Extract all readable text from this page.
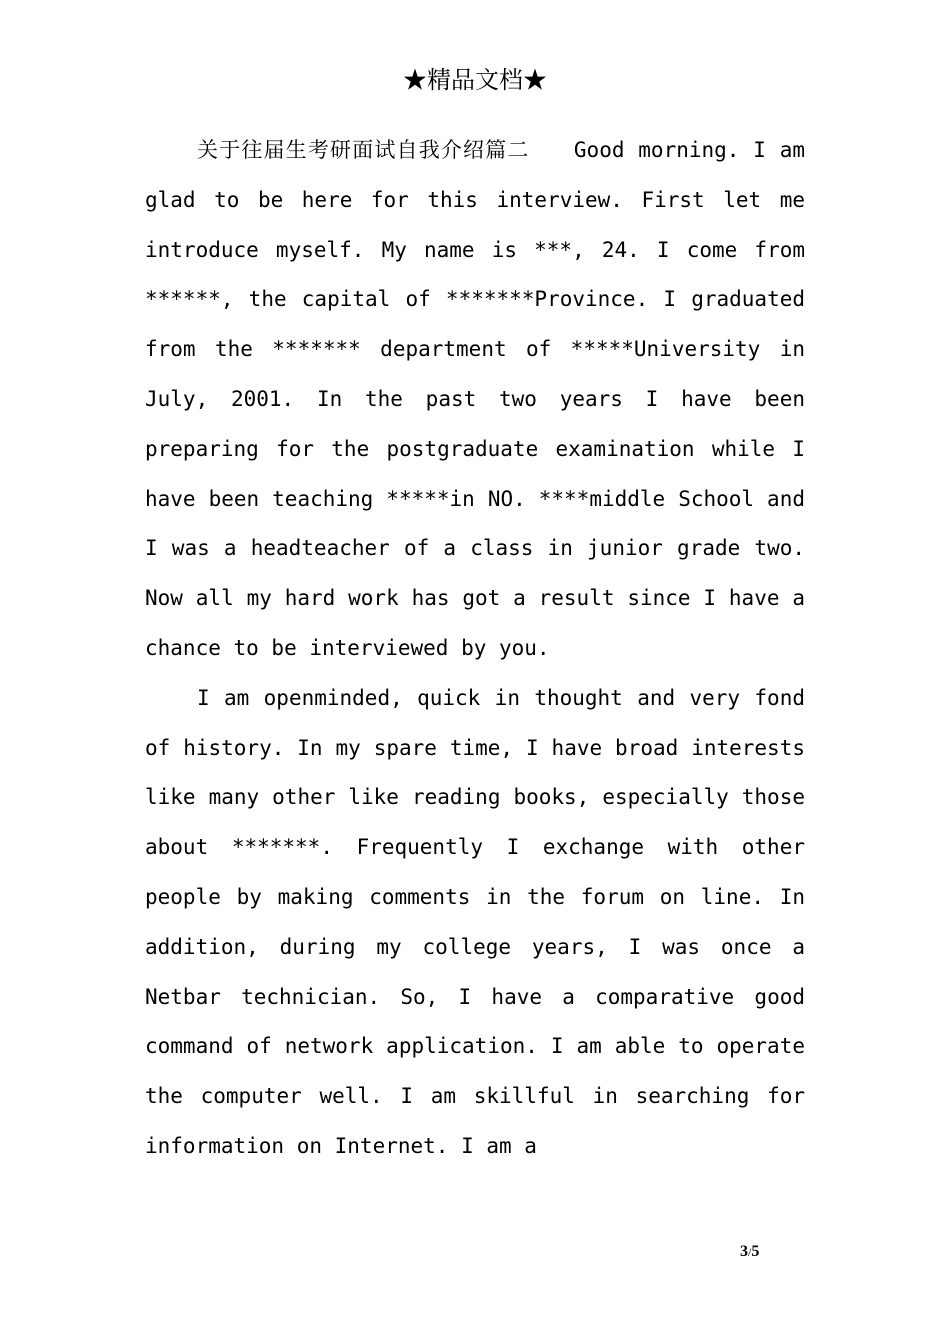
★精品文档★

关于往届生考研面试自我介绍篇二　　Good morning. I am glad to be here for this interview. First let me introduce myself. My name is ***, 24. I come from ******, the capital of *******Province. I graduated from the ******* department of *****University in July, 2001. In the past two years I have been preparing for the postgraduate examination while I have been teaching *****in NO. ****middle School and I was a headteacher of a class in junior grade two. Now all my hard work has got a result since I have a chance to be interviewed by you.

I am openminded, quick in thought and very fond of history. In my spare time, I have broad interests like many other like reading books, especially those about *******. Frequently I exchange with other people by making comments in the forum on line. In addition, during my college years, I was once a Netbar technician. So, I have a comparative good command of network application. I am able to operate the computer well. I am skillful in searching for information on Internet. I am a

3/5
